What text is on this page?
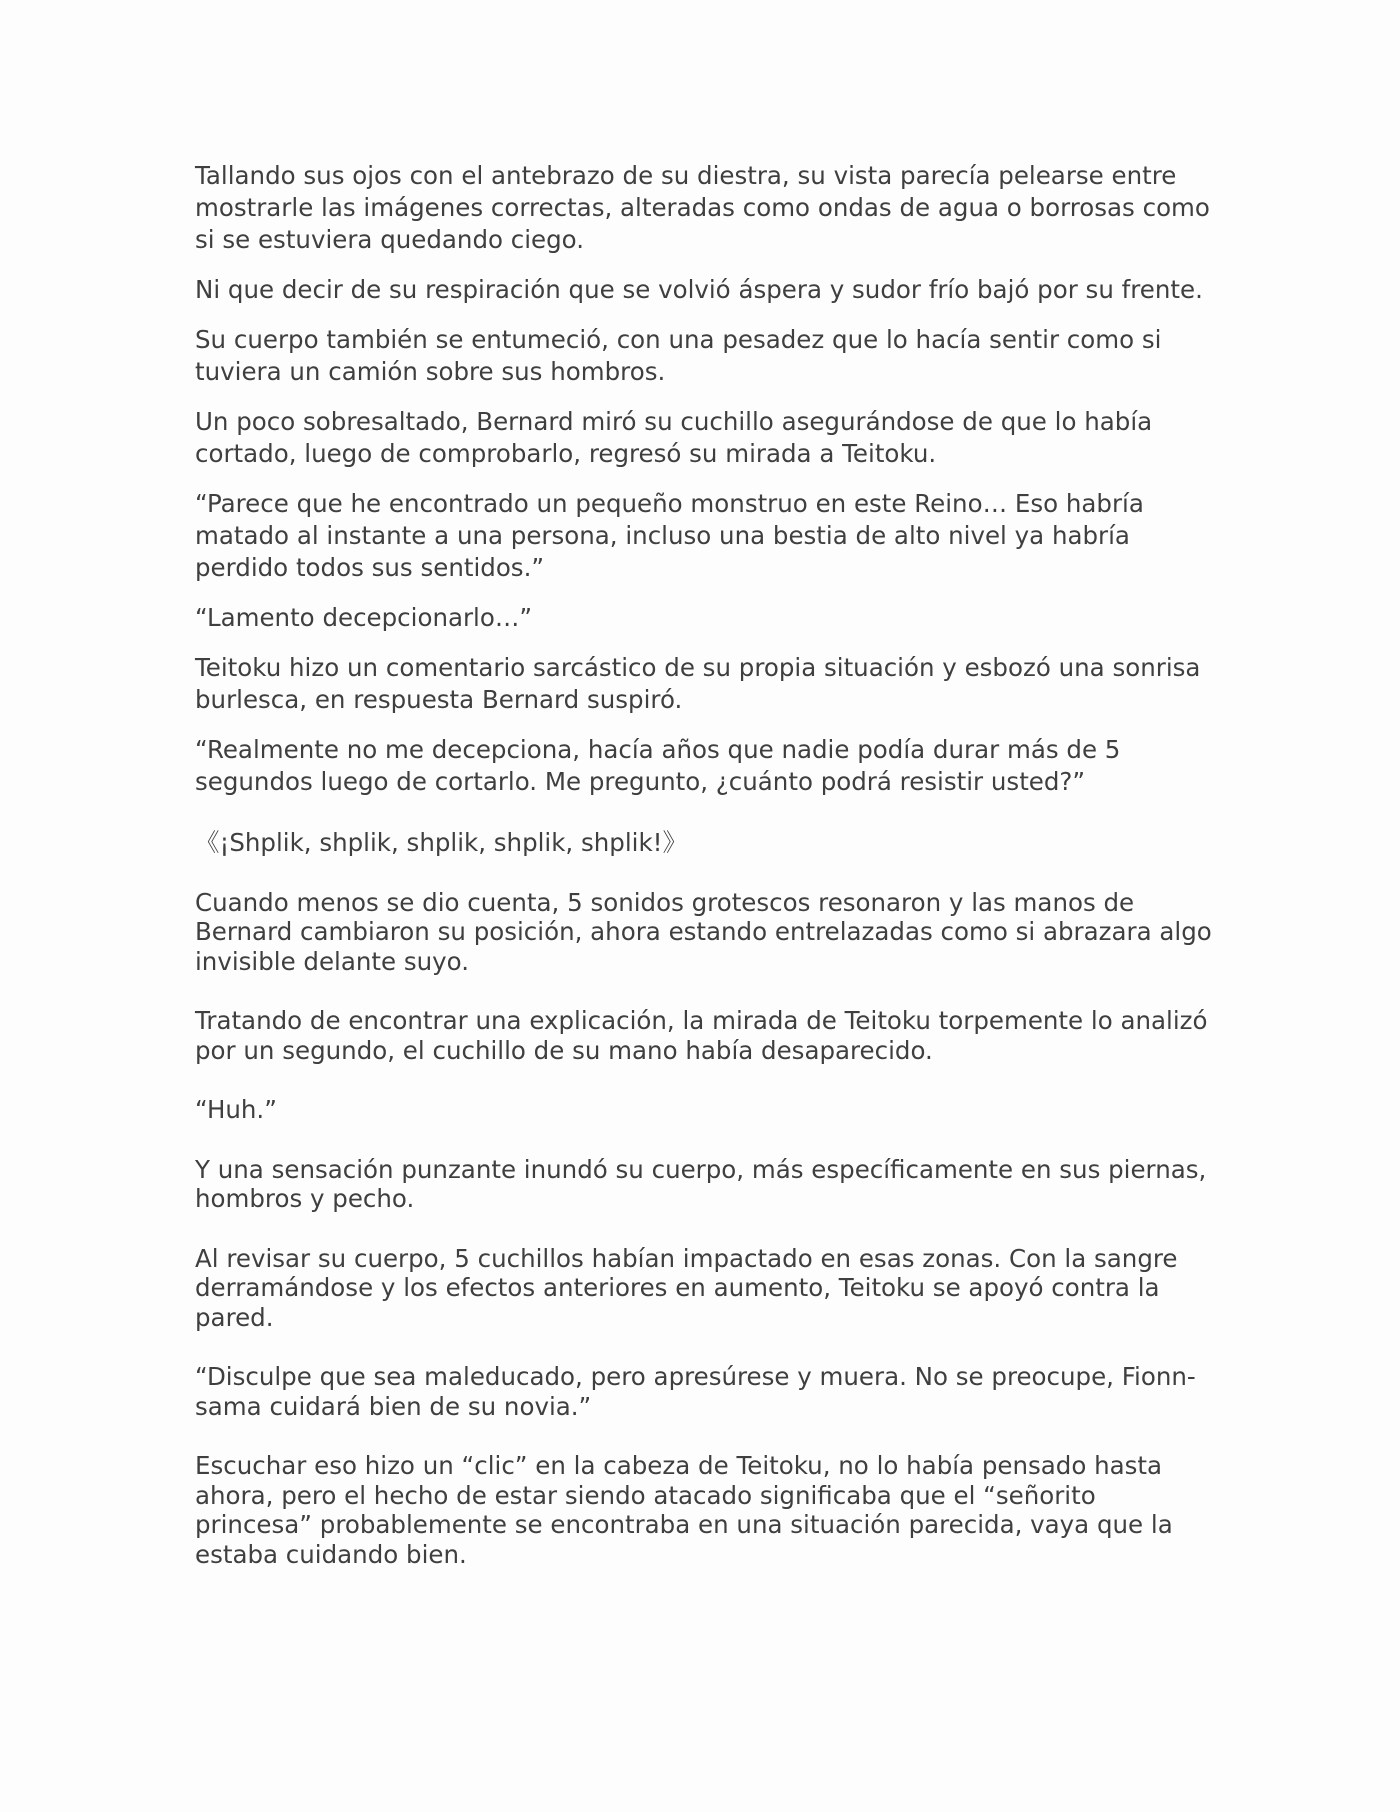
Tallando sus ojos con el antebrazo de su diestra, su vista parecía pelearse entre mostrarle las imágenes correctas, alteradas como ondas de agua o borrosas como si se estuviera quedando ciego.

Ni que decir de su respiración que se volvió áspera y sudor frío bajó por su frente.

Su cuerpo también se entumeció, con una pesadez que lo hacía sentir como si tuviera un camión sobre sus hombros.

Un poco sobresaltado, Bernard miró su cuchillo asegurándose de que lo había cortado, luego de comprobarlo, regresó su mirada a Teitoku.

“Parece que he encontrado un pequeño monstruo en este Reino… Eso habría matado al instante a una persona, incluso una bestia de alto nivel ya habría perdido todos sus sentidos.”

“Lamento decepcionarlo…”

Teitoku hizo un comentario sarcástico de su propia situación y esbozó una sonrisa burlesca, en respuesta Bernard suspiró.

“Realmente no me decepciona, hacía años que nadie podía durar más de 5 segundos luego de cortarlo. Me pregunto, ¿cuánto podrá resistir usted?”

《¡Shplik, shplik, shplik, shplik, shplik!》

Cuando menos se dio cuenta, 5 sonidos grotescos resonaron y las manos de Bernard cambiaron su posición, ahora estando entrelazadas como si abrazara algo invisible delante suyo.

Tratando de encontrar una explicación, la mirada de Teitoku torpemente lo analizó por un segundo, el cuchillo de su mano había desaparecido.

“Huh.”

Y una sensación punzante inundó su cuerpo, más específicamente en sus piernas, hombros y pecho.

Al revisar su cuerpo, 5 cuchillos habían impactado en esas zonas. Con la sangre derramándose y los efectos anteriores en aumento, Teitoku se apoyó contra la pared.

“Disculpe que sea maleducado, pero apresúrese y muera. No se preocupe, Fionn-sama cuidará bien de su novia.”

Escuchar eso hizo un “clic” en la cabeza de Teitoku, no lo había pensado hasta ahora, pero el hecho de estar siendo atacado significaba que el “señorito princesa” probablemente se encontraba en una situación parecida, vaya que la estaba cuidando bien.
